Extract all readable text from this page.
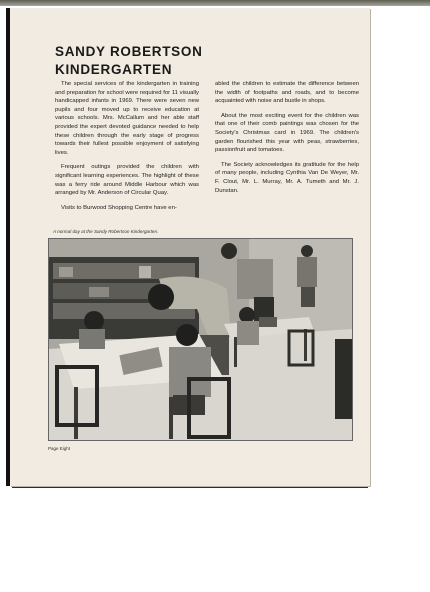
SANDY ROBERTSON
KINDERGARTEN

The special services of the kindergarten in training and preparation for school were required for 11 visually handicapped infants in 1969. There were seven new pupils and four moved up to receive education at various schools. Mrs. McCallum and her able staff provided the expert devoted guidance needed to help these children through the early stage of progress towards their fullest possible enjoyment of satisfying lives.

Frequent outings provided the children with significant learning experiences. The highlight of these was a ferry ride around Middle Harbour which was arranged by Mr. Anderson of Circular Quay.

Visits to Burwood Shopping Centre have en-

abled the children to estimate the difference between the width of footpaths and roads, and to become acquainted with noise and bustle in shops.

About the most exciting event for the children was that one of their comb paintings was chosen for the Society's Christmas card in 1969. The children's garden flourished this year with peas, strawberries, passionfruit and tomatoes.

The Society acknowledges its gratitude for the help of many people, including Cynthia Van De Weyer, Mr. F. Clout, Mr. L. Murray, Mr. A. Tumeth and Mr. J. Dunstan.

A normal day at the Sandy Robertson Kindergarten.

Page Eight
